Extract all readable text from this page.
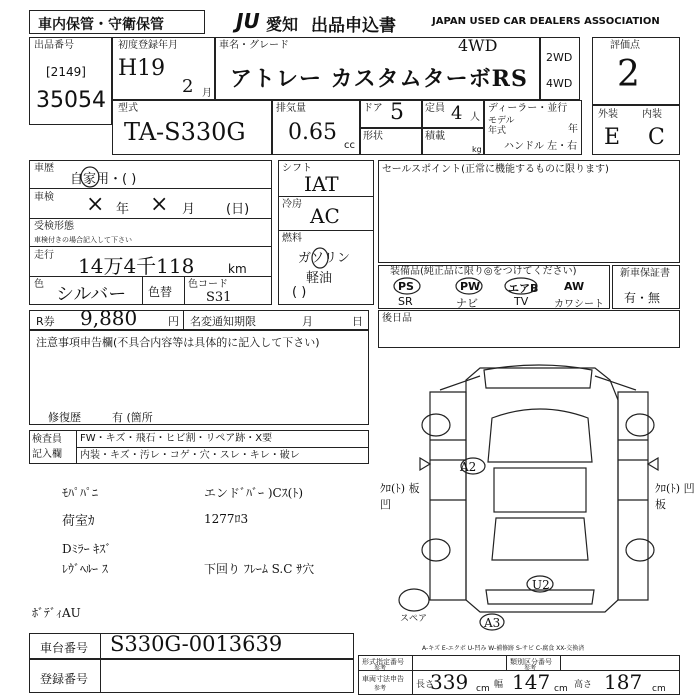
車内保管・守衛保管	JU 愛知 出品申込書	JAPAN USED CAR DEALERS ASSOCIATION
出品番号
[2149]
35054
初度登録年月
H19
2 月
車名・グレード	4WD
アトレー カスタムターボRS
2WD
4WD
評価点
2
外装 内装
E C
型式
TA-S330G
排気量
0.65
cc
ドア 5 定員 4 人
形状	積載
kg
ディーラー・並行
モデル年式	年
ハンドル 左・右
車歴
自家用・( )
車検 × 年 × 月 (日)
受検形態
車検付きの場合記入して下さい
走行 14万4千118	km
色 シルバー 色替
色コード
S31
シフト
IAT
冷房 AC
燃料
ガソリン
軽油
( )
セールスポイント(正常に機能するものに限ります)
装備品(純正品に限り◎をつけてください)
PS	PW	エアB AW
SR	ナビ	TV	カワシート
新車保証書
有・無
R券 9,880	円 名変通知期限	月	日 後日品
注意事項申告欄(不具合内容等は具体的に記入して下さい)
修復歴	有 (箇所
検査員
記入欄
FW・キズ・飛石・ヒビ割・リペア跡・X要
内装・キズ・汚レ・コゲ・穴・スレ・キレ・破レ
ﾓﾊﾟﾊﾟﾆ	エンドﾞﾊﾞｰ )Cｽ(ﾄ)
荷室ｶ	1277ﾛ3
Dﾐﾗｰ ｷｽﾞ
ﾚｳﾞﾍﾙｰ ｽ	下回り ﾌﾚｰﾑ S.C ｻ穴
ﾎﾞﾃﾞｨAU
A2
U2
A3
ｸﾛ(ﾄ) 板凹
ｸﾛ(ﾄ) 凹板
スペア
A-キズ E-エクボ U-凹み W-補修跡 S-サビ C-腐食 XX-交換済
車台番号 S330G-0013639
登録番号
形式指定番号
参考
類別区分番号
参考
車両寸法申告
参考	長さ
339 cm 幅 147 cm 高さ 187 cm
